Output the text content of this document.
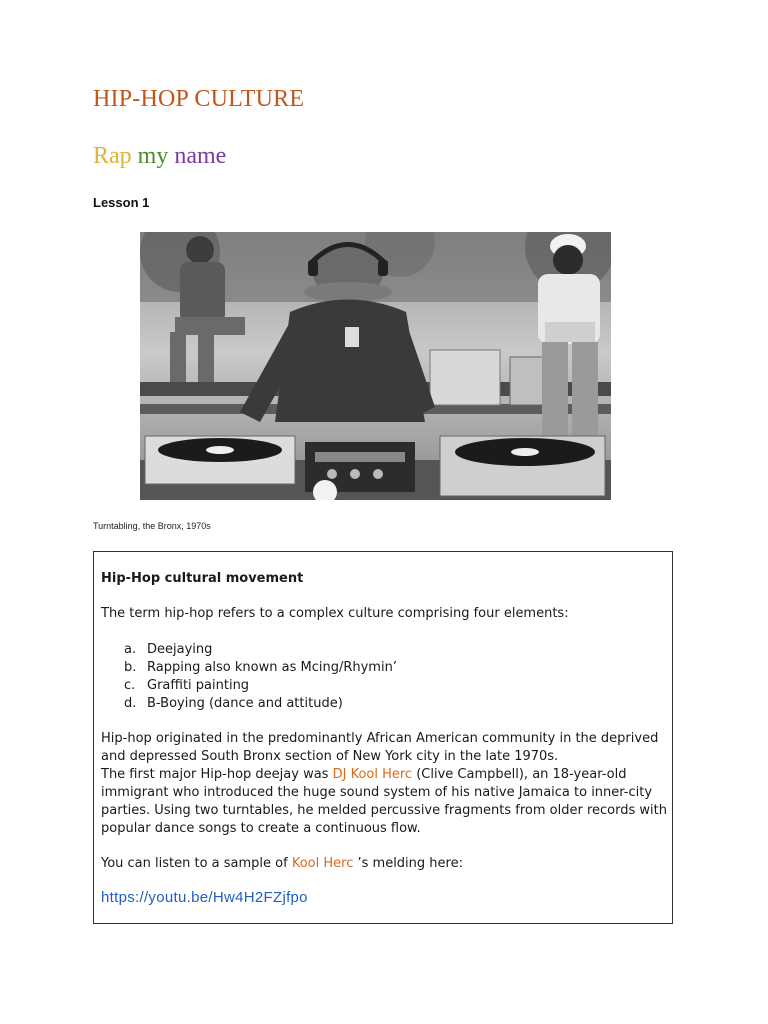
HIP-HOP CULTURE
Rap my name
Lesson 1
Turntabling, the Bronx, 1970s
Hip-Hop cultural movement
The term hip-hop refers to a complex culture comprising four elements:
a. Deejaying
b. Rapping also known as Mcing/Rhymin’
c. Graffiti painting
d. B-Boying (dance and attitude)
Hip-hop originated in the predominantly African American community in the deprived
and depressed South Bronx section of New York city in the late 1970s.
The first major Hip-hop deejay was DJ Kool Herc (Clive Campbell), an 18-year-old
immigrant who introduced the huge sound system of his native Jamaica to inner-city
parties. Using two turntables, he melded percussive fragments from older records with
popular dance songs to create a continuous flow.
You can listen to a sample of Kool Herc ’s melding here:
https://youtu.be/Hw4H2FZjfpo
